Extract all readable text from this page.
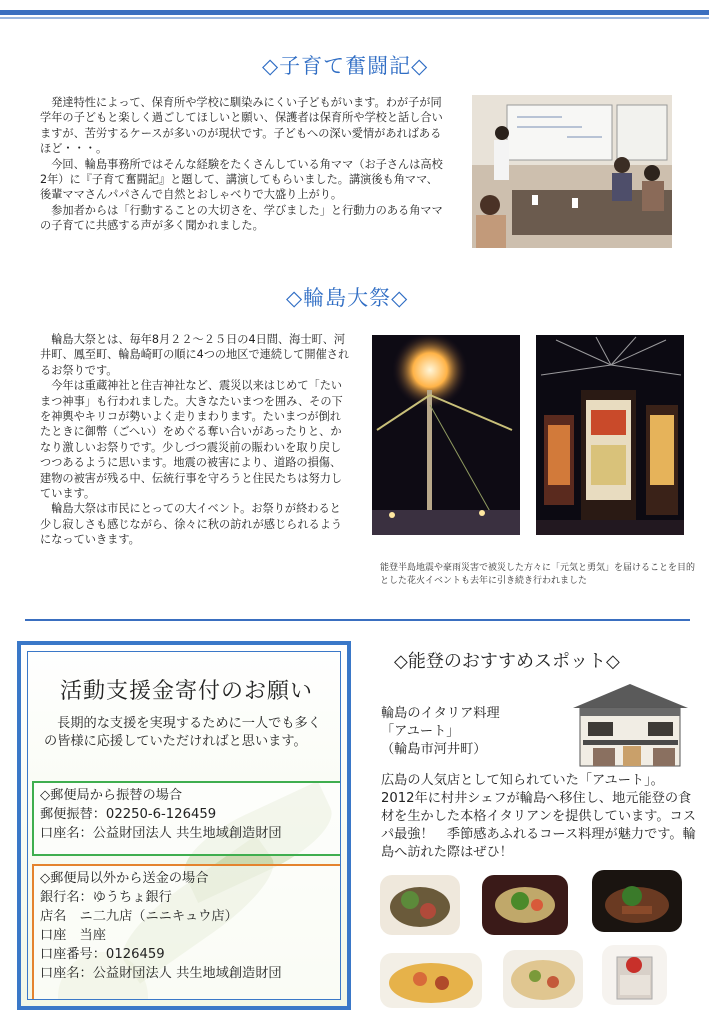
◇子育て奮闘記◇

　発達特性によって、保育所や学校に馴染みにくい子どもがいます。わが子が同学年の子どもと楽しく過ごしてほしいと願い、保護者は保育所や学校と話し合いますが、苦労するケースが多いのが現状です。子どもへの深い愛情があればあるほど・・・。

　今回、輪島事務所ではそんな経験をたくさんしている角ママ（お子さんは高校2年）に『子育て奮闘記』と題して、講演してもらいました。講演後も角ママ、後輩ママさんパパさんで自然とおしゃべりで大盛り上がり。

　参加者からは「行動することの大切さを、学びました」と行動力のある角ママの子育てに共感する声が多く聞かれました。

◇輪島大祭◇

　輪島大祭とは、毎年8月２２～２５日の4日間、海士町、河井町、鳳至町、輪島崎町の順に4つの地区で連続して開催されるお祭りです。

　今年は重蔵神社と住吉神社など、震災以来はじめて「たいまつ神事」も行われました。大きなたいまつを囲み、その下を神輿やキリコが勢いよく走りまわります。たいまつが倒れたときに御幣（ごへい）をめぐる奪い合いがあったりと、かなり激しいお祭りです。少しづつ震災前の賑わいを取り戻しつつあるように思います。地震の被害により、道路の損傷、建物の被害が残る中、伝統行事を守ろうと住民たちは努力しています。

　輪島大祭は市民にとっての大イベント。お祭りが終わると少し寂しさも感じながら、徐々に秋の訪れが感じられるようになっていきます。

能登半島地震や豪雨災害で被災した方々に「元気と勇気」を届けることを目的とした花火イベントも去年に引き続き行われました
活動支援金寄付のお願い
　長期的な支援を実現するために一人でも多くの皆様に応援していただければと思います。
◇郵便局から振替の場合
郵便振替：02250-6-126459
口座名：公益財団法人 共生地域創造財団
◇郵便局以外から送金の場合
銀行名：ゆうちょ銀行
店名　ニ二九店（ニニキュウ店）
口座　当座
口座番号：0126459
口座名：公益財団法人 共生地域創造財団
◇能登のおすすめスポット◇
輪島のイタリア料理
「アユート」
（輪島市河井町）
広島の人気店として知られていた「アユート」。2012年に村井シェフが輪島へ移住し、地元能登の食材を生かした本格イタリアンを提供しています。コスパ最強！　季節感あふれるコース料理が魅力です。輪島へ訪れた際はぜひ！
